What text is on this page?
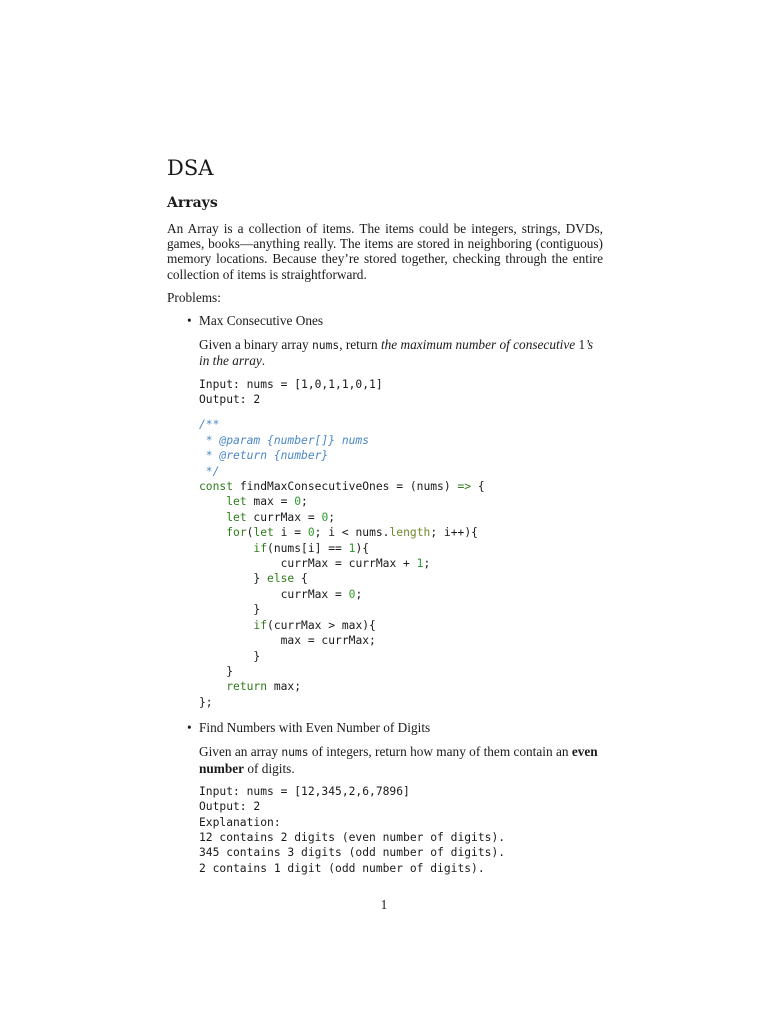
DSA
Arrays

An Array is a collection of items. The items could be integers, strings, DVDs, games, books—anything really. The items are stored in neighboring (contiguous) memory locations. Because they’re stored together, checking through the entire collection of items is straightforward.

Problems:

• Max Consecutive Ones

Given a binary array nums, return the maximum number of consecutive 1’s in the array.

Input: nums = [1,0,1,1,0,1]
Output: 2
/**
* @param {number[]} nums
* @return {number}
*/
const findMaxConsecutiveOnes = (nums) => {
let max = 0;
let currMax = 0;
for(let i = 0; i < nums.length; i++){
if(nums[i] == 1){
currMax = currMax + 1;
} else {
currMax = 0;
}
if(currMax > max){
max = currMax;
}
}
return max;
};
• Find Numbers with Even Number of Digits

Given an array nums of integers, return how many of them contain an even number of digits.

Input: nums = [12,345,2,6,7896]
Output: 2
Explanation:
12 contains 2 digits (even number of digits).
345 contains 3 digits (odd number of digits).
2 contains 1 digit (odd number of digits).
1
